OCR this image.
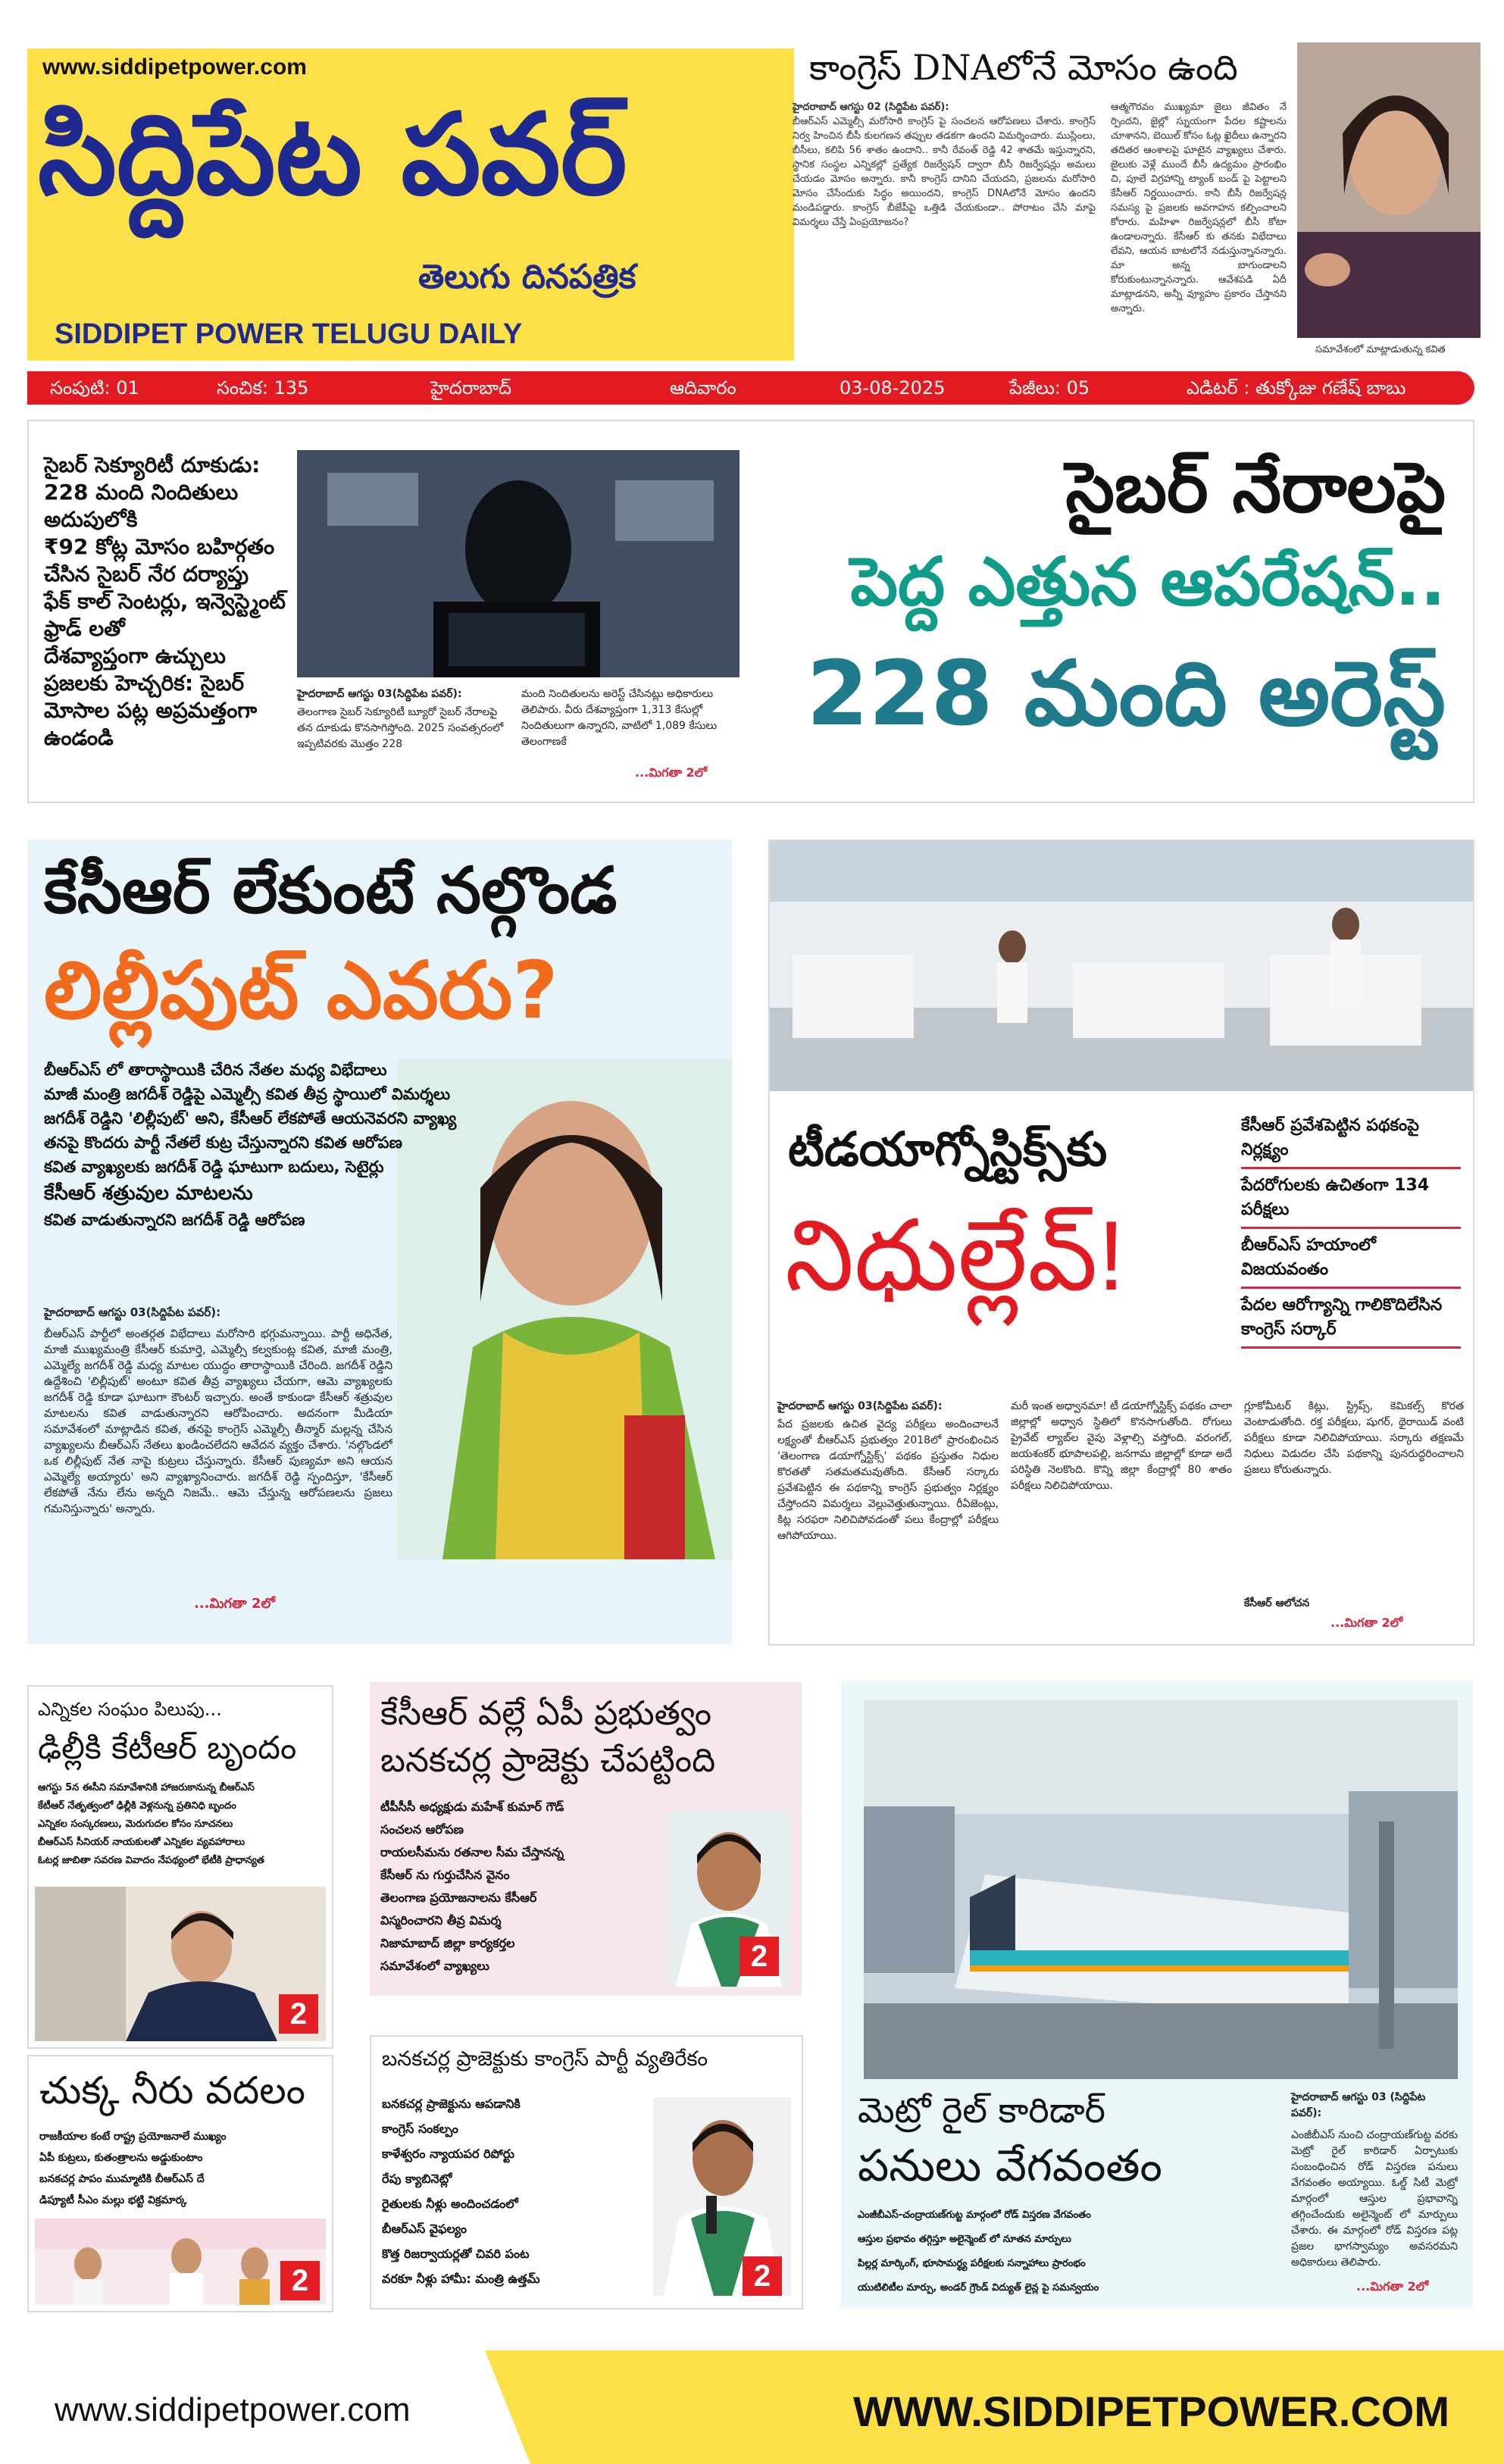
www.siddipetpower.com
సిద్దిపేట పవర్
తెలుగు దినపత్రిక
SIDDIPET POWER TELUGU DAILY
కాంగ్రెస్ DNAలోనే మోసం ఉంది
హైదరాబాద్ ఆగస్టు 02 (సిద్దిపేట పవర్):
బీఆర్ఎస్ ఎమ్మెల్సీ మరోసారి కాంగ్రెస్ పై సంచలన ఆరోపణలు చేశారు. కాంగ్రెస్ నిర్వ హించిన బీసీ కులగణన తప్పుల తడకగా ఉందని విమర్శించారు. ముస్లింలు, బీసీలు, కలిపి 56 శాతం ఉందాని.. కానీ రేవంత్ రెడ్డి 42 శాతమే ఇస్తున్నారని, స్థానిక సంస్థల ఎన్నికల్లో ప్రత్యేక రిజర్వేషన్ ద్వారా బీసీ రిజర్వేషన్లు అమలు చేయడం మోసం అన్నారు. కానీ కాంగ్రెస్ దానిని చేయదని, ప్రజలను మరోసారి మోసం చేసేందుకు సిద్ధం అయిందని, కాంగ్రెస్ DNAలోనే మోసం ఉందని మండిపడ్డారు. కాంగ్రెస్ బీజేపీపై ఒత్తిడి చేయకుండా.. పోరాటం చేసి మాపై విమర్శలు చేస్తే ఏంప్రయోజనం?
ఆత్మగౌరవం ముఖ్యమా జైలు జీవితం నే ర్పిందని, జైల్లో స్నుయంగా పేదల కష్టాలను చూశానని, బెయిల్ కోసం ఓట్ల ఖైదీలు ఉన్నారని తదితర ఆంశాలపై ఘాటైన వ్యాఖ్యలు చేశారు. జైలుకు వెళ్లే ముందే బీసీ ఉద్యమం ప్రారంభిం చి, పూలే విగ్రహాన్ని ట్యాంక్ బండ్ పై పెట్టాలని కేసీఆర్ నిర్ణయించారు. కానీ బీసీ రిజర్వేషన్ల సమస్య పై ప్రజలకు అవగాహన కల్పించాలని కోరారు. మహిళా రిజర్వేషన్లలో బీసీ కోటా ఉండాలన్నారు. కేసీఆర్ కు తనకు విభేదాలు లేవని, ఆయన బాటలోనే నడుస్తున్నానన్నారు. మా అన్న బాగుండాలని కోరుకుంటున్నానన్నారు. ఆవేశపడి ఏదీ మాట్లాడనని, అన్నీ వ్యూహం ప్రకారం చేస్తానని అన్నారు.
సమావేశంలో మాట్లాడుతున్న కవిత
సంపుటి: 01	సంచిక: 135	హైదరాబాద్	ఆదివారం	03-08-2025	పేజీలు: 05	ఎడిటర్ : తుక్కోజు గణేష్ బాబు
సైబర్ సెక్యూరిటీ దూకుడు:
228 మంది నిందితులు అదుపులోకి
₹92 కోట్ల మోసం బహిర్గతం
చేసిన సైబర్ నేర దర్యాప్తు
ఫేక్ కాల్ సెంటర్లు, ఇన్వెస్ట్మెంట్ ఫ్రాడ్ లతో
దేశవ్యాప్తంగా ఉచ్చులు
ప్రజలకు హెచ్చరిక: సైబర్ మోసాల పట్ల అప్రమత్తంగా ఉండండి
హైదరాబాద్ ఆగస్టు 03(సిద్దిపేట పవర్):
తెలంగాణ సైబర్ సెక్యూరిటీ బ్యూరో సైబర్ నేరాలపై తన దూకుడు కొనసాగిస్తోంది. 2025 సంవత్సరంలో ఇప్పటివరకు మొత్తం 228
మంది నిందితులను అరెస్ట్ చేసినట్లు అధికారులు తెలిపారు. వీరు దేశవ్యాప్తంగా 1,313 కేసుల్లో నిందితులుగా ఉన్నారని, వాటిలో 1,089 కేసులు తెలంగాణకే
...మిగతా 2లో
సైబర్ నేరాలపై
పెద్ద ఎత్తున ఆపరేషన్..
228 మంది అరెస్ట్
కేసీఆర్ లేకుంటే నల్గొండ
లిల్లీపుట్ ఎవరు?
బీఆర్ఎస్ లో తారాస్థాయికి చేరిన నేతల మధ్య విభేదాలు
మాజీ మంత్రి జగదీశ్ రెడ్డిపై ఎమ్మెల్సీ కవిత తీవ్ర స్థాయిలో విమర్శలు
జగదీశ్ రెడ్డిని 'లిల్లీపుట్' అని, కేసీఆర్ లేకపోతే ఆయనెవరని వ్యాఖ్య
తనపై కొందరు పార్టీ నేతలే కుట్ర చేస్తున్నారని కవిత ఆరోపణ
కవిత వ్యాఖ్యలకు జగదీశ్ రెడ్డి ఘాటుగా బదులు, సెటైర్లు
కేసీఆర్ శత్రువుల మాటలను
కవిత వాడుతున్నారని జగదీశ్ రెడ్డి ఆరోపణ
హైదరాబాద్ ఆగస్టు 03(సిద్దిపేట పవర్):
బీఆర్ఎస్ పార్టీలో అంతర్గత విభేదాలు మరోసారి భగ్గుమన్నాయి. పార్టీ అధినేత, మాజీ ముఖ్యమంత్రి కేసీఆర్ కుమార్తె, ఎమ్మెల్సీ కల్వకుంట్ల కవిత, మాజీ మంత్రి, ఎమ్మెల్యే జగదీశ్ రెడ్డి మధ్య మాటల యుద్ధం తారాస్థాయికి చేరింది. జగదీశ్ రెడ్డిని ఉద్దేశించి 'లిల్లీపుట్' అంటూ కవిత తీవ్ర వ్యాఖ్యలు చేయగా, ఆమె వ్యాఖ్యలకు జగదీశ్ రెడ్డి కూడా ఘాటుగా కౌంటర్ ఇచ్చారు. అంతే కాకుండా కేసీఆర్ శత్రువుల మాటలను కవిత వాడుతున్నారని ఆరోపించారు. అదనంగా మీడియా సమావేశంలో మాట్లాడిన కవిత, తనపై కాంగ్రెస్ ఎమ్మెల్సీ తీన్మార్ మల్లన్న చేసిన వ్యాఖ్యలను బీఆర్ఎస్ నేతలు ఖండించలేదని ఆవేదన వ్యక్తం చేశారు. 'నల్గొండలో ఒక లిల్లీపుట్ నేత నాపై కుట్రలు చేస్తున్నారు. కేసీఆర్ పుణ్యమా అని ఆయన ఎమ్మెల్యే అయ్యారు' అని వ్యాఖ్యానించారు. జగదీశ్ రెడ్డి స్పందిస్తూ, 'కేసీఆర్ లేకపోతే నేను లేను అన్నది నిజమే.. ఆమె చేస్తున్న ఆరోపణలను ప్రజలు గమనిస్తున్నారు' అన్నారు.
...మిగతా 2లో
టీడయాగ్నోస్టిక్స్‌కు
నిధుల్లేవ్!
కేసీఆర్ ప్రవేశపెట్టిన పథకంపై నిర్లక్ష్యం
పేదరోగులకు ఉచితంగా 134 పరీక్షలు
బీఆర్ఎస్ హయాంలో విజయవంతం
పేదల ఆరోగ్యాన్ని గాలికొదిలేసిన కాంగ్రెస్ సర్కార్
హైదరాబాద్ ఆగస్టు 03(సిద్దిపేట పవర్):
పేద ప్రజలకు ఉచిత వైద్య పరీక్షలు అందించాలనే లక్ష్యంతో బీఆర్ఎస్ ప్రభుత్వం 2018లో ప్రారంభించిన 'తెలంగాణ డయాగ్నోస్టిక్స్' పథకం ప్రస్తుతం నిధుల కొరతతో సతమతమవుతోంది. కేసీఆర్ సర్కారు ప్రవేశపెట్టిన ఈ పథకాన్ని కాంగ్రెస్ ప్రభుత్వం నిర్లక్ష్యం చేస్తోందని విమర్శలు వెల్లువెత్తుతున్నాయి. రీఏజెంట్లు, కిట్ల సరఫరా నిలిచిపోవడంతో పలు కేంద్రాల్లో పరీక్షలు ఆగిపోయాయి.
మరీ ఇంత అధ్వానమా! టీ డయాగ్నోస్టిక్స్ పథకం చాలా జిల్లాల్లో అధ్వాన స్థితిలో కొనసాగుతోంది. రోగులు ప్రైవేట్ ల్యాబ్‌ల వైపు వెళ్లాల్సి వస్తోంది. వరంగల్, జయశంకర్ భూపాలపల్లి, జనగామ జిల్లాల్లో కూడా అదే పరిస్థితి నెలకొంది. కొన్ని జిల్లా కేంద్రాల్లో 80 శాతం పరీక్షలు నిలిచిపోయాయి.
గ్లూకోమీటర్ కిట్లు, స్ట్రిప్స్, కెమికల్స్ కొరత వెంటాడుతోంది. రక్త పరీక్షలు, షుగర్, థైరాయిడ్ వంటి పరీక్షలు కూడా నిలిచిపోయాయి. సర్కారు తక్షణమే నిధులు విడుదల చేసి పథకాన్ని పునరుద్ధరించాలని ప్రజలు కోరుతున్నారు.
కేసీఆర్ ఆలోచన
...మిగతా 2లో
ఎన్నికల సంఘం పిలుపు...
ఢిల్లీకి కేటీఆర్ బృందం
ఆగస్టు 5న ఈసీని సమావేశానికి హాజరుకానున్న బీఆర్ఎస్
కేటీఆర్ నేతృత్వంలో ఢిల్లీకి వెళ్లనున్న ప్రతినిధి బృందం
ఎన్నికల సంస్కరణలు, మెరుగుదల కోసం సూచనలు
బీఆర్ఎస్ సీనియర్ నాయకులతో ఎన్నికల వ్యవహారాలు
ఓటర్ల జాబితా సవరణ వివాదం నేపథ్యంలో భేటీకి ప్రాధాన్యత
2
చుక్క నీరు వదలం
రాజకీయాల కంటే రాష్ట్ర ప్రయోజనాలే ముఖ్యం
ఏపీ కుట్రలు, కుతంత్రాలను అడ్డుకుంటాం
బనకచర్ల పాపం ముమ్మాటికి బీఆర్ఎస్ దే
డిప్యూటీ సీఎం మల్లు భట్టి విక్రమార్క
2
కేసీఆర్ వల్లే ఏపీ ప్రభుత్వం
బనకచర్ల ప్రాజెక్టు చేపట్టింది
టీపీసీసీ అధ్యక్షుడు మహేశ్ కుమార్ గౌడ్
సంచలన ఆరోపణ
రాయలసీమను రతనాల సీమ చేస్తానన్న
కేసీఆర్ ను గుర్తుచేసిన వైనం
తెలంగాణ ప్రయోజనాలను కేసీఆర్
విస్మరించారని తీవ్ర విమర్శ
నిజామాబాద్ జిల్లా కార్యకర్తల
సమావేశంలో వ్యాఖ్యలు	2
బనకచర్ల ప్రాజెక్టుకు కాంగ్రెస్ పార్టీ వ్యతిరేకం
బనకచర్ల ప్రాజెక్టును ఆపడానికి
కాంగ్రెస్ సంకల్పం
కాళేశ్వరం న్యాయపర రిపోర్టు
రేపు క్యాబినెట్లో
రైతులకు నీళ్లు అందించడంలో
బీఆర్ఎస్ వైఫల్యం
కొత్త రిజర్వాయర్లతో చివరి పంట
వరకూ నీళ్లు హామీ: మంత్రి ఉత్తమ్	2
మెట్రో రైల్ కారిడార్
పనులు వేగవంతం
ఎంజీబీఎస్-చంద్రాయణ్‌గుట్ట మార్గంలో రోడ్ విస్తరణ వేగవంతం
ఆస్తుల ప్రభావం తగ్గిస్తూ అలైన్మెంట్ లో నూతన మార్పులు
పిల్లర్ల మార్కింగ్, భూసామర్థ్య పరీక్షలకు సన్నాహాలు ప్రారంభం
యుటిలిటీల మార్పు, అండర్ గ్రౌండ్ విద్యుత్ లైన్ల పై సమన్వయం
హైదరాబాద్ ఆగస్టు 03 (సిద్దిపేట పవర్):
ఎంజీబీఎస్ నుంచి చంద్రాయణ్‌గుట్ట వరకు మెట్రో రైల్ కారిడార్ ఏర్పాటుకు సంబంధించిన రోడ్ విస్తరణ పనులు వేగవంతం అయ్యాయి. ఓల్డ్ సిటీ మెట్రో మార్గంలో ఆస్తుల ప్రభావాన్ని తగ్గించేందుకు అలైన్మెంట్ లో మార్పులు చేశారు. ఈ మార్గంలో రోడ్ విస్తరణ పట్ల ప్రజల భాగస్వామ్యం అవసరమని అధికారులు తెలిపారు.
...మిగతా 2లో
www.siddipetpower.com	WWW.SIDDIPETPOWER.COM
